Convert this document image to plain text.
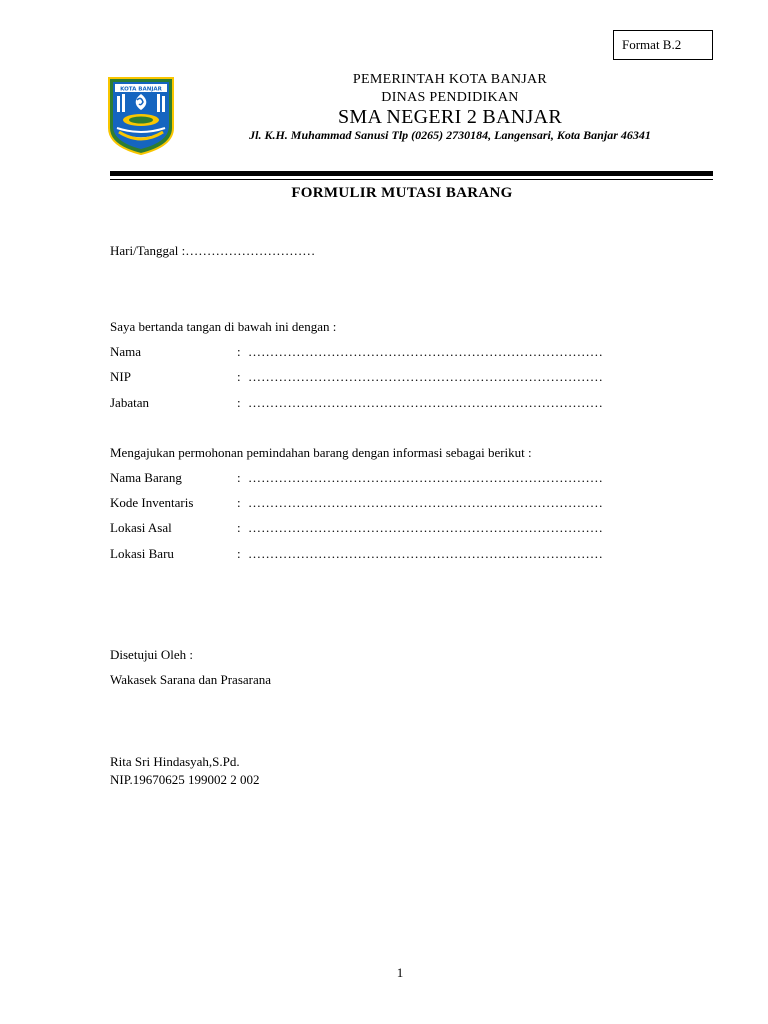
Format B.2
KOTA BANJAR
PEMERINTAH KOTA BANJAR
DINAS PENDIDIKAN
SMA NEGERI 2 BANJAR
Jl. K.H. Muhammad Sanusi Tlp (0265) 2730184, Langensari, Kota Banjar 46341
FORMULIR MUTASI BARANG
Hari/Tanggal :…………………………
Saya bertanda tangan di bawah ini dengan :
Nama	: ………………………………………………………………………
NIP	: ………………………………………………………………………
Jabatan	: ………………………………………………………………………
Mengajukan permohonan pemindahan barang dengan informasi sebagai berikut :
Nama Barang	: ………………………………………………………………………
Kode Inventaris	: ………………………………………………………………………
Lokasi Asal	: ………………………………………………………………………
Lokasi Baru	: ………………………………………………………………………
Disetujui Oleh :
Wakasek Sarana dan Prasarana
Rita Sri Hindasyah,S.Pd.
NIP.19670625 199002 2 002
1
